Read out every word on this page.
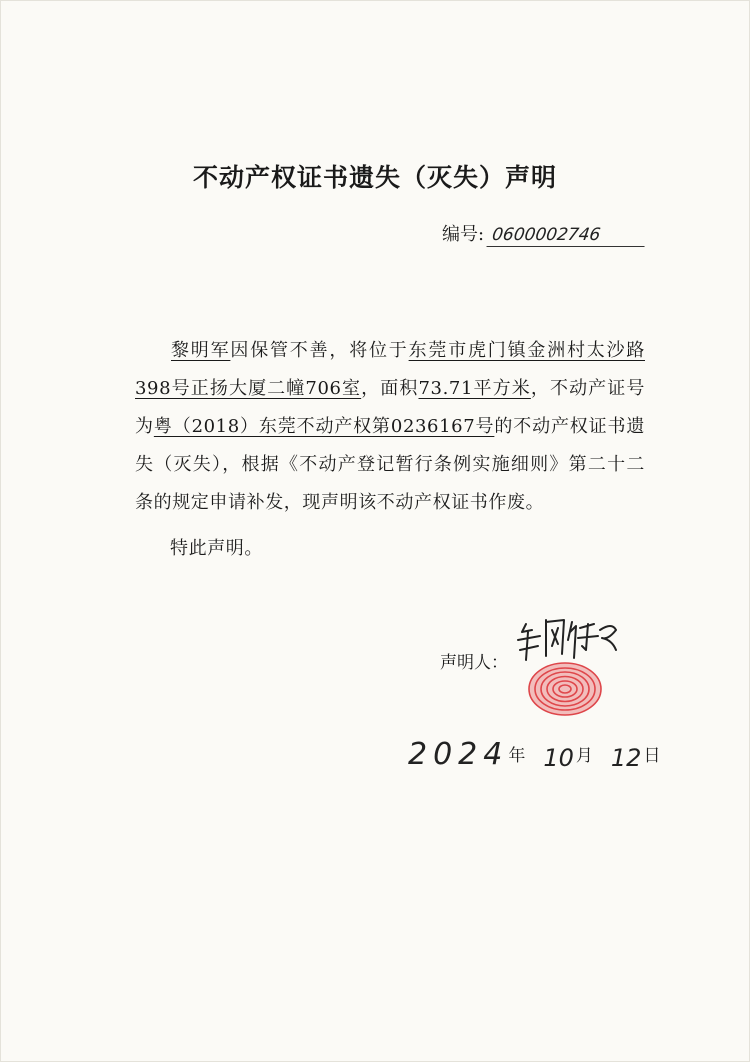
不动产权证书遗失（灭失）声明
编号: 0600002746

黎明军因保管不善，将位于东莞市虎门镇金洲村太沙路398号正扬大厦二幢706室，面积73.71平方米，不动产证号为粤（2018）东莞不动产权第0236167号的不动产权证书遗失（灭失），根据《不动产登记暂行条例实施细则》第二十二条的规定申请补发，现声明该不动产权证书作废。

特此声明。
声明人：
2024 年 10 月 12 日
